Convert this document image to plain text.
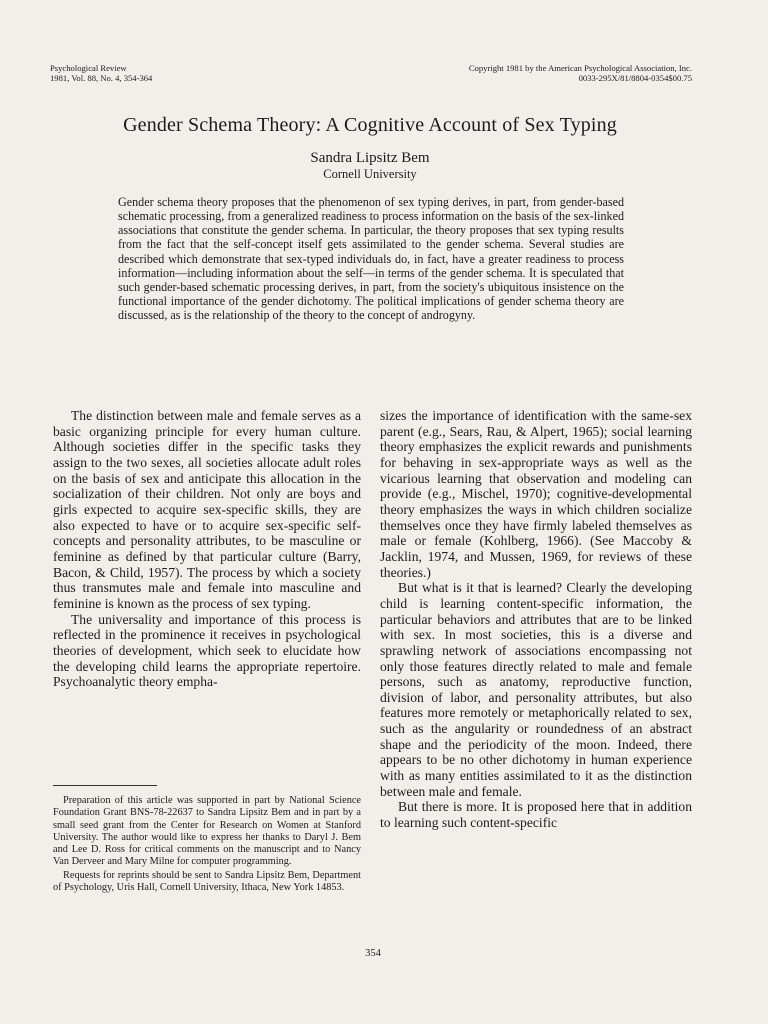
Psychological Review
1981, Vol. 88, No. 4, 354-364
Copyright 1981 by the American Psychological Association, Inc.
0033-295X/81/8804-0354$00.75
Gender Schema Theory: A Cognitive Account of Sex Typing
Sandra Lipsitz Bem
Cornell University

Gender schema theory proposes that the phenomenon of sex typing derives, in part, from gender-based schematic processing, from a generalized readiness to process information on the basis of the sex-linked associations that constitute the gender schema. In particular, the theory proposes that sex typing results from the fact that the self-concept itself gets assimilated to the gender schema. Several studies are described which demonstrate that sex-typed individuals do, in fact, have a greater readiness to process information—including information about the self—in terms of the gender schema. It is speculated that such gender-based schematic processing derives, in part, from the society's ubiquitous insistence on the functional importance of the gender dichotomy. The political implications of gender schema theory are discussed, as is the relationship of the theory to the concept of androgyny.

The distinction between male and female serves as a basic organizing principle for every human culture. Although societies differ in the specific tasks they assign to the two sexes, all societies allocate adult roles on the basis of sex and anticipate this allocation in the socialization of their children. Not only are boys and girls expected to acquire sex-specific skills, they are also expected to have or to acquire sex-specific self-concepts and personality attributes, to be masculine or feminine as defined by that particular culture (Barry, Bacon, & Child, 1957). The process by which a society thus transmutes male and female into masculine and feminine is known as the process of sex typing.

The universality and importance of this process is reflected in the prominence it receives in psychological theories of development, which seek to elucidate how the developing child learns the appropriate repertoire. Psychoanalytic theory empha-

Preparation of this article was supported in part by National Science Foundation Grant BNS-78-22637 to Sandra Lipsitz Bem and in part by a small seed grant from the Center for Research on Women at Stanford University. The author would like to express her thanks to Daryl J. Bem and Lee D. Ross for critical comments on the manuscript and to Nancy Van Derveer and Mary Milne for computer programming.

Requests for reprints should be sent to Sandra Lipsitz Bem, Department of Psychology, Uris Hall, Cornell University, Ithaca, New York 14853.

sizes the importance of identification with the same-sex parent (e.g., Sears, Rau, & Alpert, 1965); social learning theory emphasizes the explicit rewards and punishments for behaving in sex-appropriate ways as well as the vicarious learning that observation and modeling can provide (e.g., Mischel, 1970); cognitive-developmental theory emphasizes the ways in which children socialize themselves once they have firmly labeled themselves as male or female (Kohlberg, 1966). (See Maccoby & Jacklin, 1974, and Mussen, 1969, for reviews of these theories.)

But what is it that is learned? Clearly the developing child is learning content-specific information, the particular behaviors and attributes that are to be linked with sex. In most societies, this is a diverse and sprawling network of associations encompassing not only those features directly related to male and female persons, such as anatomy, reproductive function, division of labor, and personality attributes, but also features more remotely or metaphorically related to sex, such as the angularity or roundedness of an abstract shape and the periodicity of the moon. Indeed, there appears to be no other dichotomy in human experience with as many entities assimilated to it as the distinction between male and female.

But there is more. It is proposed here that in addition to learning such content-specific

354
